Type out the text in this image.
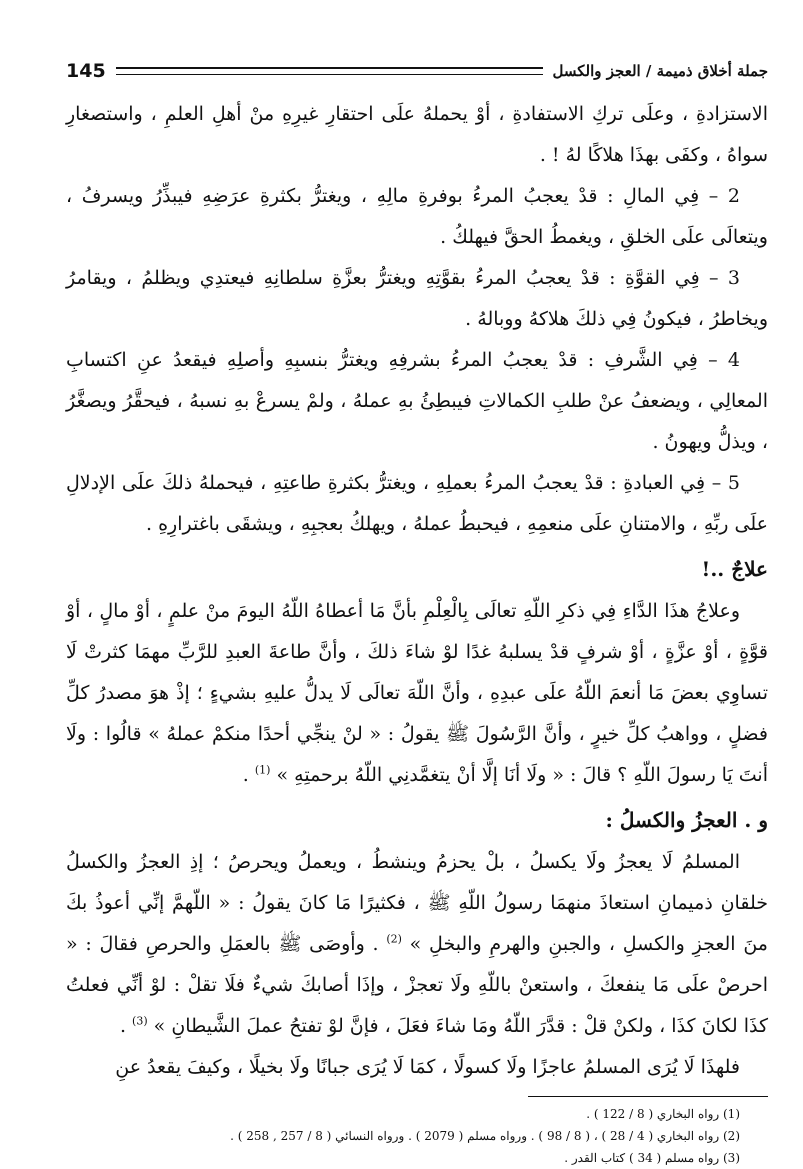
جملة أخلاق ذميمة / العجز والكسل
145

الاستزادةِ ، وعلَى تركِ الاستفادةِ ، أوْ يحملهُ علَى احتقارِ غيرِهِ منْ أهلِ العلمِ ، واستصغارِ سواهُ ، وكفَى بهذَا هلاكًا لهُ ! .

2 – فِي المالِ : قدْ يعجبُ المرءُ بوفرةِ مالِهِ ، ويغترُّ بكثرةِ عرَضِهِ فيبذِّرُ ويسرفُ ، ويتعالَى علَى الخلقِ ، ويغمطُ الحقَّ فيهلكُ .

3 – فِي القوَّةِ : قدْ يعجبُ المرءُ بقوَّتِهِ ويغترُّ بعزَّةِ سلطانِهِ فيعتدِي ويظلمُ ، ويقامرُ ويخاطرُ ، فيكونُ فِي ذلكَ هلاكهُ ووبالهُ .

4 – فِي الشَّرفِ : قدْ يعجبُ المرءُ بشرفِهِ ويغترُّ بنسبِهِ وأصلِهِ فيقعدُ عنِ اكتسابِ المعالِي ، ويضعفُ عنْ طلبِ الكمالاتِ فيبطِئُ بهِ عملهُ ، ولمْ يسرعْ بهِ نسبهُ ، فيحقَّرُ ويصغَّرُ ، ويذلُّ ويهونُ .

5 – فِي العبادةِ : قدْ يعجبُ المرءُ بعملِهِ ، ويغترُّ بكثرةِ طاعتِهِ ، فيحملهُ ذلكَ علَى الإدلالِ علَى ربِّهِ ، والامتنانِ علَى منعمِهِ ، فيحبطُ عملهُ ، ويهلكُ بعجبِهِ ، ويشقَى باغترارِهِ .

علاجٌ ..!

وعلاجُ هذَا الدَّاءِ فِي ذكرِ اللّهِ تعالَى بِالْعِلْمِ بأنَّ مَا أعطاهُ اللّهُ اليومَ منْ علمٍ ، أوْ مالٍ ، أوْ قوَّةٍ ، أوْ عزَّةٍ ، أوْ شرفٍ قدْ يسلبهُ غدًا لوْ شاءَ ذلكَ ، وأنَّ طاعةَ العبدِ للرَّبِّ مهمَا كثرتْ لَا تساوِي بعضَ مَا أنعمَ اللّهُ علَى عبدِهِ ، وأنَّ اللّهَ تعالَى لَا يدلُّ عليهِ بشيءٍ ؛ إذْ هوَ مصدرُ كلِّ فضلٍ ، وواهبُ كلِّ خيرٍ ، وأنَّ الرَّسُولَ ﷺ يقولُ : « لنْ ينجِّي أحدًا منكمْ عملهُ » قالُوا : ولَا أنتَ يَا رسولَ اللّهِ ؟ قالَ : « ولَا أنَا إلَّا أنْ يتغمَّدنِي اللّهُ برحمتِهِ » $^{(1)}$ .

و . العجزُ والكسلُ :

المسلمُ لَا يعجزُ ولَا يكسلُ ، بلْ يحزمُ وينشطُ ، ويعملُ ويحرصُ ؛ إذِ العجزُ والكسلُ خلقانِ ذميمانِ استعاذَ منهمَا رسولُ اللّهِ ﷺ ، فكثيرًا مَا كانَ يقولُ : « اللّهمَّ إنِّي أعوذُ بكَ منَ العجزِ والكسلِ ، والجبنِ والهرمِ والبخلِ » $^{(2)}$ . وأوصَى ﷺ بالعمَلِ والحرصِ فقالَ : « احرصْ علَى مَا ينفعكَ ، واستعنْ باللّهِ ولَا تعجزْ ، وإذَا أصابكَ شيءٌ فلَا تقلْ : لوْ أنِّي فعلتُ كذَا لكانَ كذَا ، ولكنْ قلْ : قدَّرَ اللّهُ ومَا شاءَ فعَلَ ، فإنَّ لوْ تفتحُ عملَ الشَّيطانِ » $^{(3)}$ .

فلهذَا لَا يُرَى المسلمُ عاجزًا ولَا كسولًا ، كمَا لَا يُرَى جبانًا ولَا بخيلًا ، وكيفَ يقعدُ عنِ

(1) رواه البخاري ( 8 / 122 ) .

(2) رواه البخاري ( 4 / 28 ) ، ( 8 / 98 ) . ورواه مسلم ( 2079 ) . ورواه النسائي ( 8 / 257 , 258 ) .

(3) رواه مسلم ( 34 ) كتاب القدر .
